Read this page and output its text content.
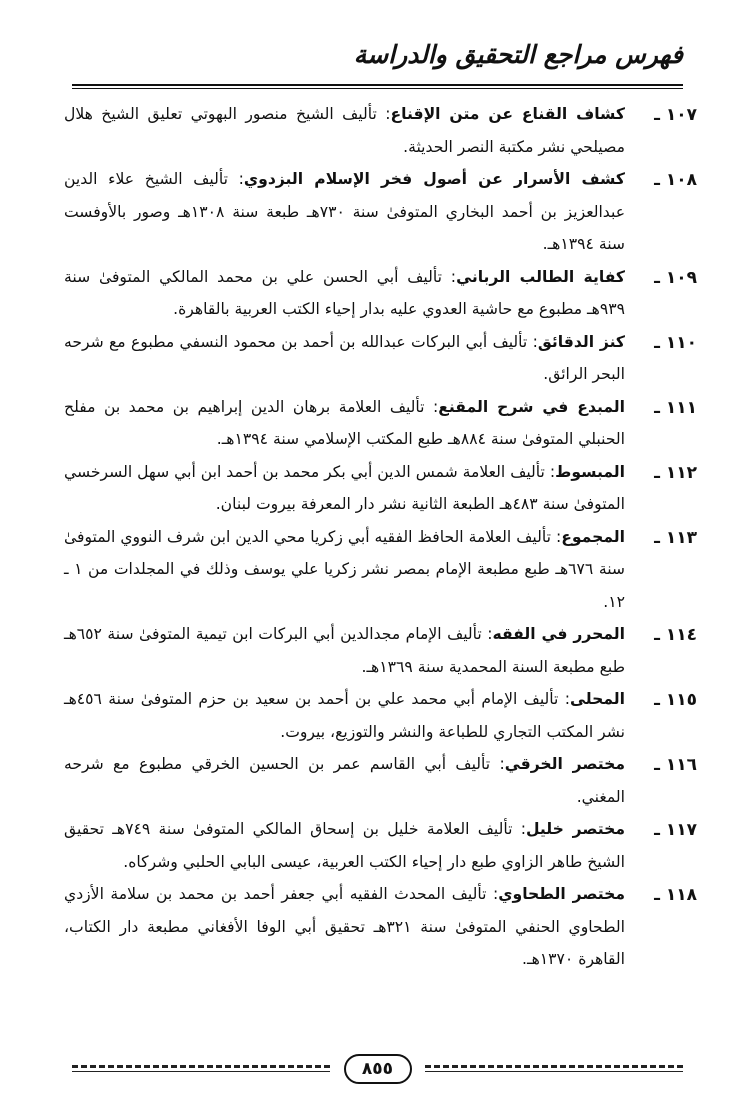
فهرس مراجع التحقيق والدراسة
١٠٧ ـ
كشاف القناع عن متن الإقناع: تأليف الشيخ منصور البهوتي تعليق الشيخ هلال مصيلحي نشر مكتبة النصر الحديثة.
١٠٨ ـ
كشف الأسرار عن أصول فخر الإسلام البزدوي: تأليف الشيخ علاء الدين عبدالعزيز بن أحمد البخاري المتوفىٰ سنة ٧٣٠هـ طبعة سنة ١٣٠٨هـ وصور بالأوفست سنة ١٣٩٤هـ.
١٠٩ ـ
كفاية الطالب الرباني: تأليف أبي الحسن علي بن محمد المالكي المتوفىٰ سنة ٩٣٩هـ مطبوع مع حاشية العدوي عليه بدار إحياء الكتب العربية بالقاهرة.
١١٠ ـ
كنز الدقائق: تأليف أبي البركات عبدالله بن أحمد بن محمود النسفي مطبوع مع شرحه البحر الرائق.
١١١ ـ
المبدع في شرح المقنع: تأليف العلامة برهان الدين إبراهيم بن محمد بن مفلح الحنبلي المتوفىٰ سنة ٨٨٤هـ طبع المكتب الإسلامي سنة ١٣٩٤هـ.
١١٢ ـ
المبسوط: تأليف العلامة شمس الدين أبي بكر محمد بن أحمد ابن أبي سهل السرخسي المتوفىٰ سنة ٤٨٣هـ الطبعة الثانية نشر دار المعرفة بيروت لبنان.
١١٣ ـ
المجموع: تأليف العلامة الحافظ الفقيه أبي زكريا محي الدين ابن شرف النووي المتوفىٰ سنة ٦٧٦هـ طبع مطبعة الإمام بمصر نشر زكريا علي يوسف وذلك في المجلدات من ١ ـ ١٢.
١١٤ ـ
المحرر في الفقه: تأليف الإمام مجدالدين أبي البركات ابن تيمية المتوفىٰ سنة ٦٥٢هـ طبع مطبعة السنة المحمدية سنة ١٣٦٩هـ.
١١٥ ـ
المحلى: تأليف الإمام أبي محمد علي بن أحمد بن سعيد بن حزم المتوفىٰ سنة ٤٥٦هـ نشر المكتب التجاري للطباعة والنشر والتوزيع، بيروت.
١١٦ ـ
مختصر الخرقي: تأليف أبي القاسم عمر بن الحسين الخرقي مطبوع مع شرحه المغني.
١١٧ ـ
مختصر خليل: تأليف العلامة خليل بن إسحاق المالكي المتوفىٰ سنة ٧٤٩هـ تحقيق الشيخ طاهر الزاوي طبع دار إحياء الكتب العربية، عيسى البابي الحلبي وشركاه.
١١٨ ـ
مختصر الطحاوي: تأليف المحدث الفقيه أبي جعفر أحمد بن محمد بن سلامة الأزدي الطحاوي الحنفي المتوفىٰ سنة ٣٢١هـ تحقيق أبي الوفا الأفغاني مطبعة دار الكتاب، القاهرة ١٣٧٠هـ.
٨٥٥
